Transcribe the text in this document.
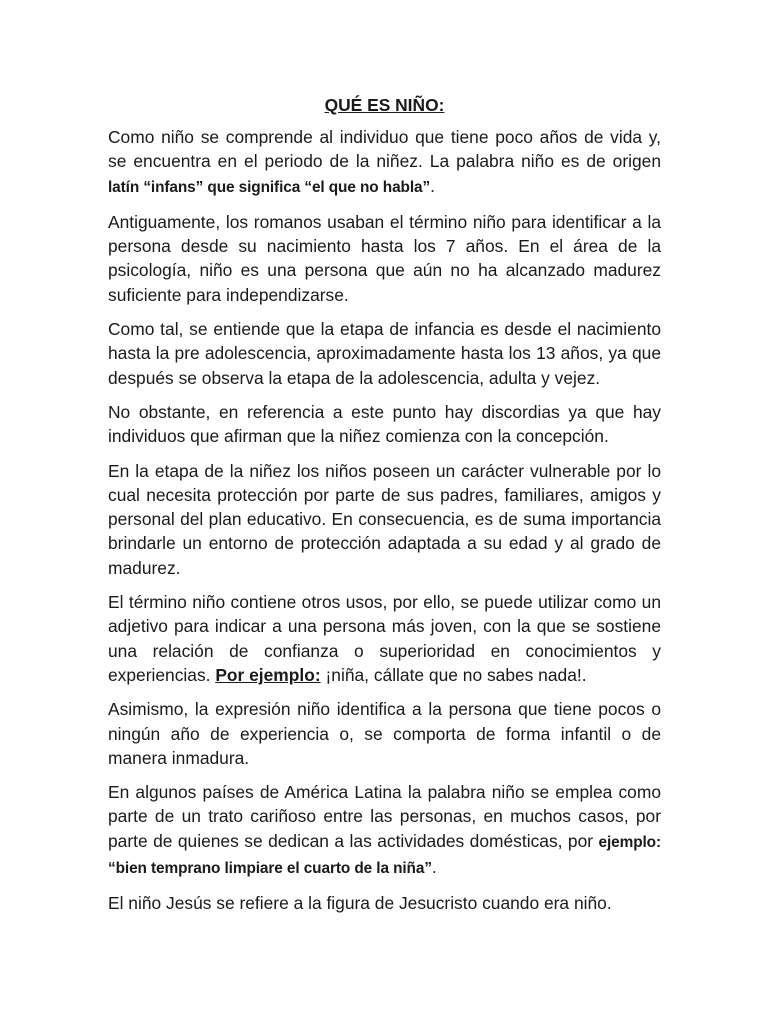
QUÉ ES NIÑO:

Como niño se comprende al individuo que tiene poco años de vida y, se encuentra en el periodo de la niñez. La palabra niño es de origen latín “infans” que significa “el que no habla”.

Antiguamente, los romanos usaban el término niño para identificar a la persona desde su nacimiento hasta los 7 años. En el área de la psicología, niño es una persona que aún no ha alcanzado madurez suficiente para independizarse.

Como tal, se entiende que la etapa de infancia es desde el nacimiento hasta la pre adolescencia, aproximadamente hasta los 13 años, ya que después se observa la etapa de la adolescencia, adulta y vejez.

No obstante, en referencia a este punto hay discordias ya que hay individuos que afirman que la niñez comienza con la concepción.

En la etapa de la niñez los niños poseen un carácter vulnerable por lo cual necesita protección por parte de sus padres, familiares, amigos y personal del plan educativo. En consecuencia, es de suma importancia brindarle un entorno de protección adaptada a su edad y al grado de madurez.

El término niño contiene otros usos, por ello, se puede utilizar como un adjetivo para indicar a una persona más joven, con la que se sostiene una relación de confianza o superioridad en conocimientos y experiencias. Por ejemplo: ¡niña, cállate que no sabes nada!.

Asimismo, la expresión niño identifica a la persona que tiene pocos o ningún año de experiencia o, se comporta de forma infantil o de manera inmadura.

En algunos países de América Latina la palabra niño se emplea como parte de un trato cariñoso entre las personas, en muchos casos, por parte de quienes se dedican a las actividades domésticas, por ejemplo: “bien temprano limpiare el cuarto de la niña”.

El niño Jesús se refiere a la figura de Jesucristo cuando era niño.
